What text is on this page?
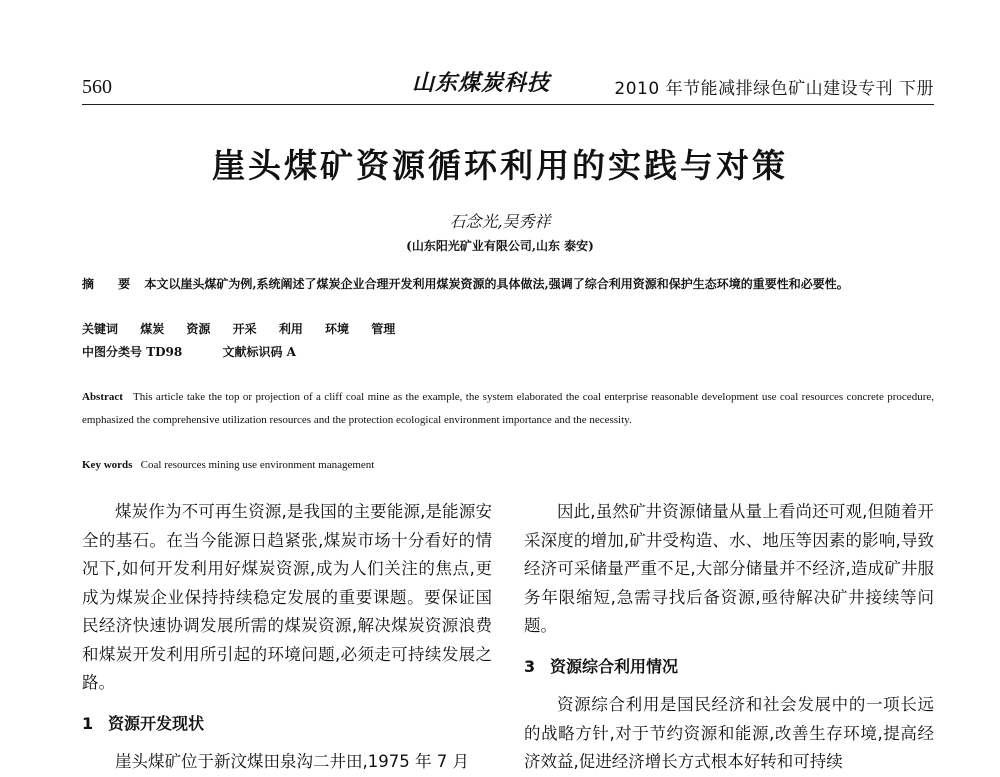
560	山东煤炭科技	2010 年节能减排绿色矿山建设专刊 下册
崖头煤矿资源循环利用的实践与对策
石念光,吴秀祥
(山东阳光矿业有限公司,山东 泰安)
摘 要 本文以崖头煤矿为例,系统阐述了煤炭企业合理开发利用煤炭资源的具体做法,强调了综合利用资源和保护生态环境的重要性和必要性。
关键词 煤炭 资源 开采 利用 环境 管理
中图分类号 TD98	文献标识码 A
Abstract This article take the top or projection of a cliff coal mine as the example, the system elaborated the coal enterprise reasonable development use coal resources concrete procedure, emphasized the comprehensive utilization resources and the protection ecological environment importance and the necessity.
Key words Coal resources mining use environment management

煤炭作为不可再生资源,是我国的主要能源,是能源安全的基石。在当今能源日趋紧张,煤炭市场十分看好的情况下,如何开发利用好煤炭资源,成为人们关注的焦点,更成为煤炭企业保持持续稳定发展的重要课题。要保证国民经济快速协调发展所需的煤炭资源,解决煤炭资源浪费和煤炭开发利用所引起的环境问题,必须走可持续发展之路。

1 资源开发现状

崖头煤矿位于新汶煤田泉沟二井田,1975 年 7 月

因此,虽然矿井资源储量从量上看尚还可观,但随着开采深度的增加,矿井受构造、水、地压等因素的影响,导致经济可采储量严重不足,大部分储量并不经济,造成矿井服务年限缩短,急需寻找后备资源,亟待解决矿井接续等问题。

3 资源综合利用情况

资源综合利用是国民经济和社会发展中的一项长远的战略方针,对于节约资源和能源,改善生存环境,提高经济效益,促进经济增长方式根本好转和可持续
